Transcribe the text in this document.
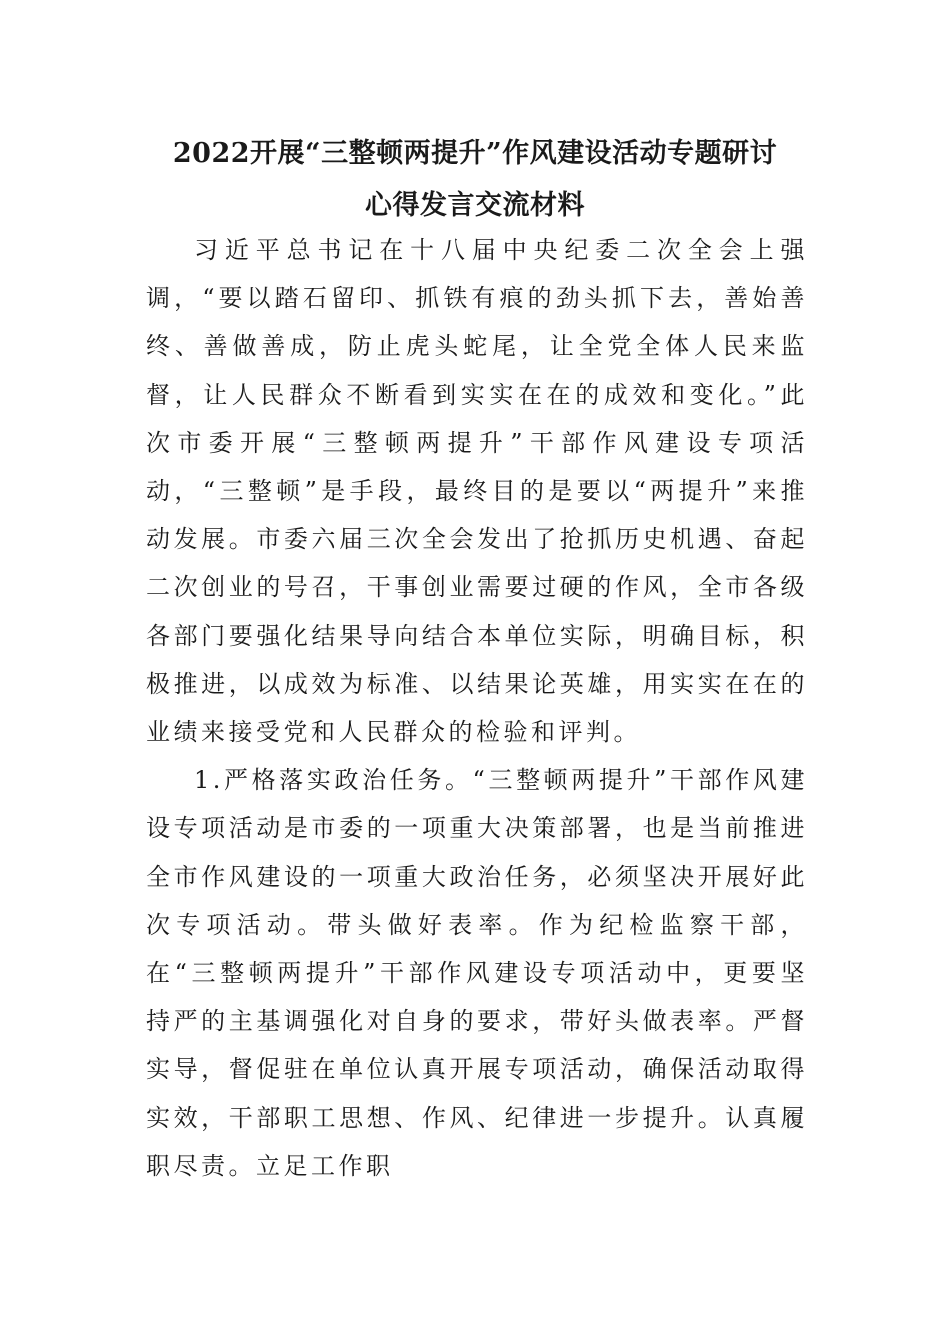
2022开展“三整顿两提升”作风建设活动专题研讨
心得发言交流材料

习近平总书记在十八届中央纪委二次全会上强调，“要以踏石留印、抓铁有痕的劲头抓下去，善始善终、善做善成，防止虎头蛇尾，让全党全体人民来监督，让人民群众不断看到实实在在的成效和变化。”此次市委开展“三整顿两提升”干部作风建设专项活动，“三整顿”是手段，最终目的是要以“两提升”来推动发展。市委六届三次全会发出了抢抓历史机遇、奋起二次创业的号召，干事创业需要过硬的作风，全市各级各部门要强化结果导向结合本单位实际，明确目标，积极推进，以成效为标准、以结果论英雄，用实实在在的业绩来接受党和人民群众的检验和评判。

1.严格落实政治任务。“三整顿两提升”干部作风建设专项活动是市委的一项重大决策部署，也是当前推进全市作风建设的一项重大政治任务，必须坚决开展好此次专项活动。带头做好表率。作为纪检监察干部，在“三整顿两提升”干部作风建设专项活动中，更要坚持严的主基调强化对自身的要求，带好头做表率。严督实导，督促驻在单位认真开展专项活动，确保活动取得实效，干部职工思想、作风、纪律进一步提升。认真履职尽责。立足工作职
